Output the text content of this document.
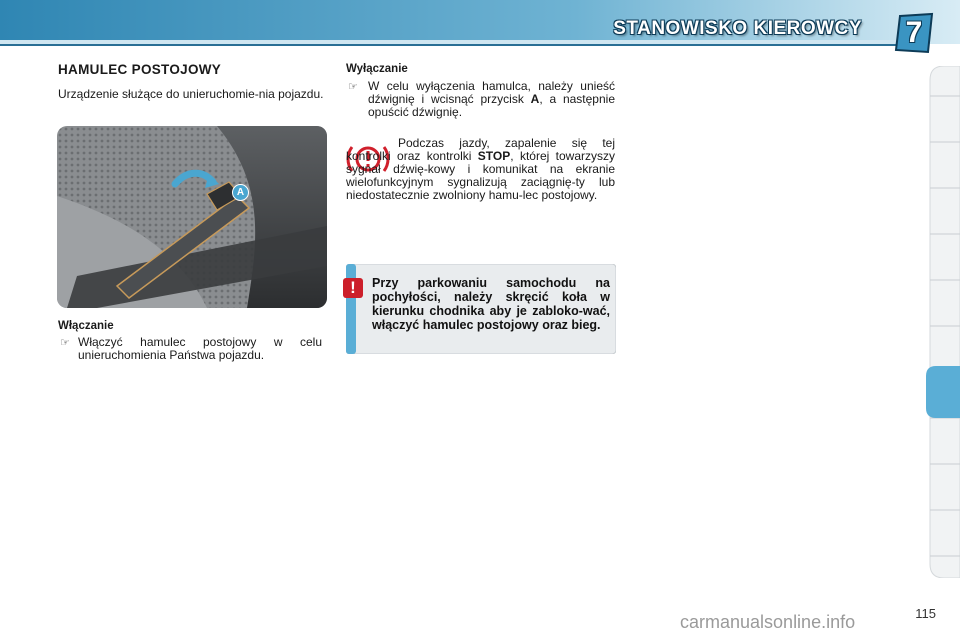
STANOWISKO KIEROWCY	7
HAMULEC POSTOJOWY
Urządzenie służące do unieruchomie-nia pojazdu.
A
Włączanie
☞ Włączyć hamulec postojowy w celu unieruchomienia Państwa pojazdu.
Wyłączanie
☞ W celu wyłączenia hamulca, należy unieść dźwignię i wcisnąć przycisk A, a następnie opuścić dźwignię.
Podczas jazdy, zapalenie się tej kontrolki oraz kontrolki STOP, której towarzyszy sygnał dźwię-kowy i komunikat na ekranie wielofunkcyjnym sygnalizują zaciągnię-ty lub niedostatecznie zwolniony hamu-lec postojowy.
!	Przy parkowaniu samochodu na pochyłości, należy skręcić koła w kierunku chodnika aby je zabloko-wać, włączyć hamulec postojowy oraz bieg.
carmanualsonline.info	115
